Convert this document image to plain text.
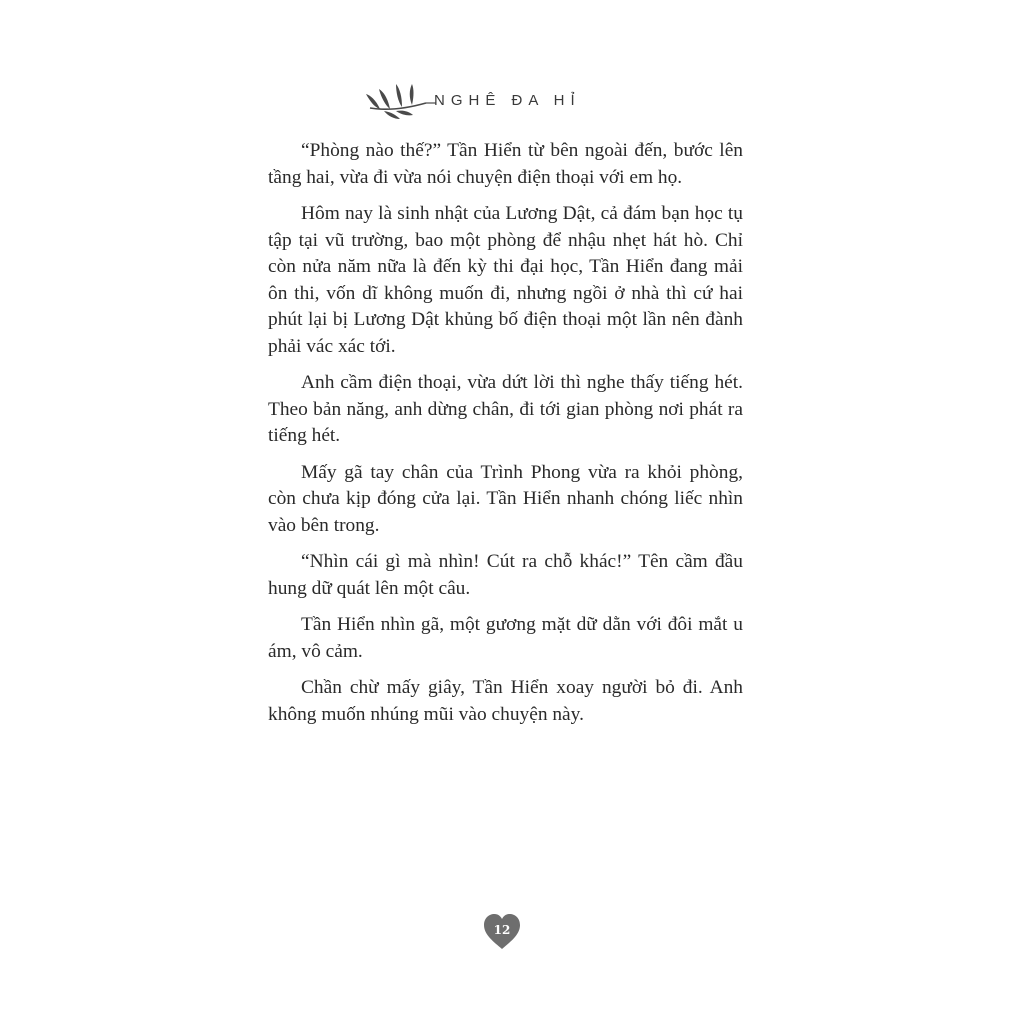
NGHÊ ĐA HỈ

“Phòng nào thế?” Tần Hiển từ bên ngoài đến, bước lên tầng hai, vừa đi vừa nói chuyện điện thoại với em họ.

Hôm nay là sinh nhật của Lương Dật, cả đám bạn học tụ tập tại vũ trường, bao một phòng để nhậu nhẹt hát hò. Chỉ còn nửa năm nữa là đến kỳ thi đại học, Tần Hiển đang mải ôn thi, vốn dĩ không muốn đi, nhưng ngồi ở nhà thì cứ hai phút lại bị Lương Dật khủng bố điện thoại một lần nên đành phải vác xác tới.

Anh cầm điện thoại, vừa dứt lời thì nghe thấy tiếng hét. Theo bản năng, anh dừng chân, đi tới gian phòng nơi phát ra tiếng hét.

Mấy gã tay chân của Trình Phong vừa ra khỏi phòng, còn chưa kịp đóng cửa lại. Tần Hiển nhanh chóng liếc nhìn vào bên trong.

“Nhìn cái gì mà nhìn! Cút ra chỗ khác!” Tên cầm đầu hung dữ quát lên một câu.

Tần Hiển nhìn gã, một gương mặt dữ dằn với đôi mắt u ám, vô cảm.

Chần chừ mấy giây, Tần Hiển xoay người bỏ đi. Anh không muốn nhúng mũi vào chuyện này.

12
